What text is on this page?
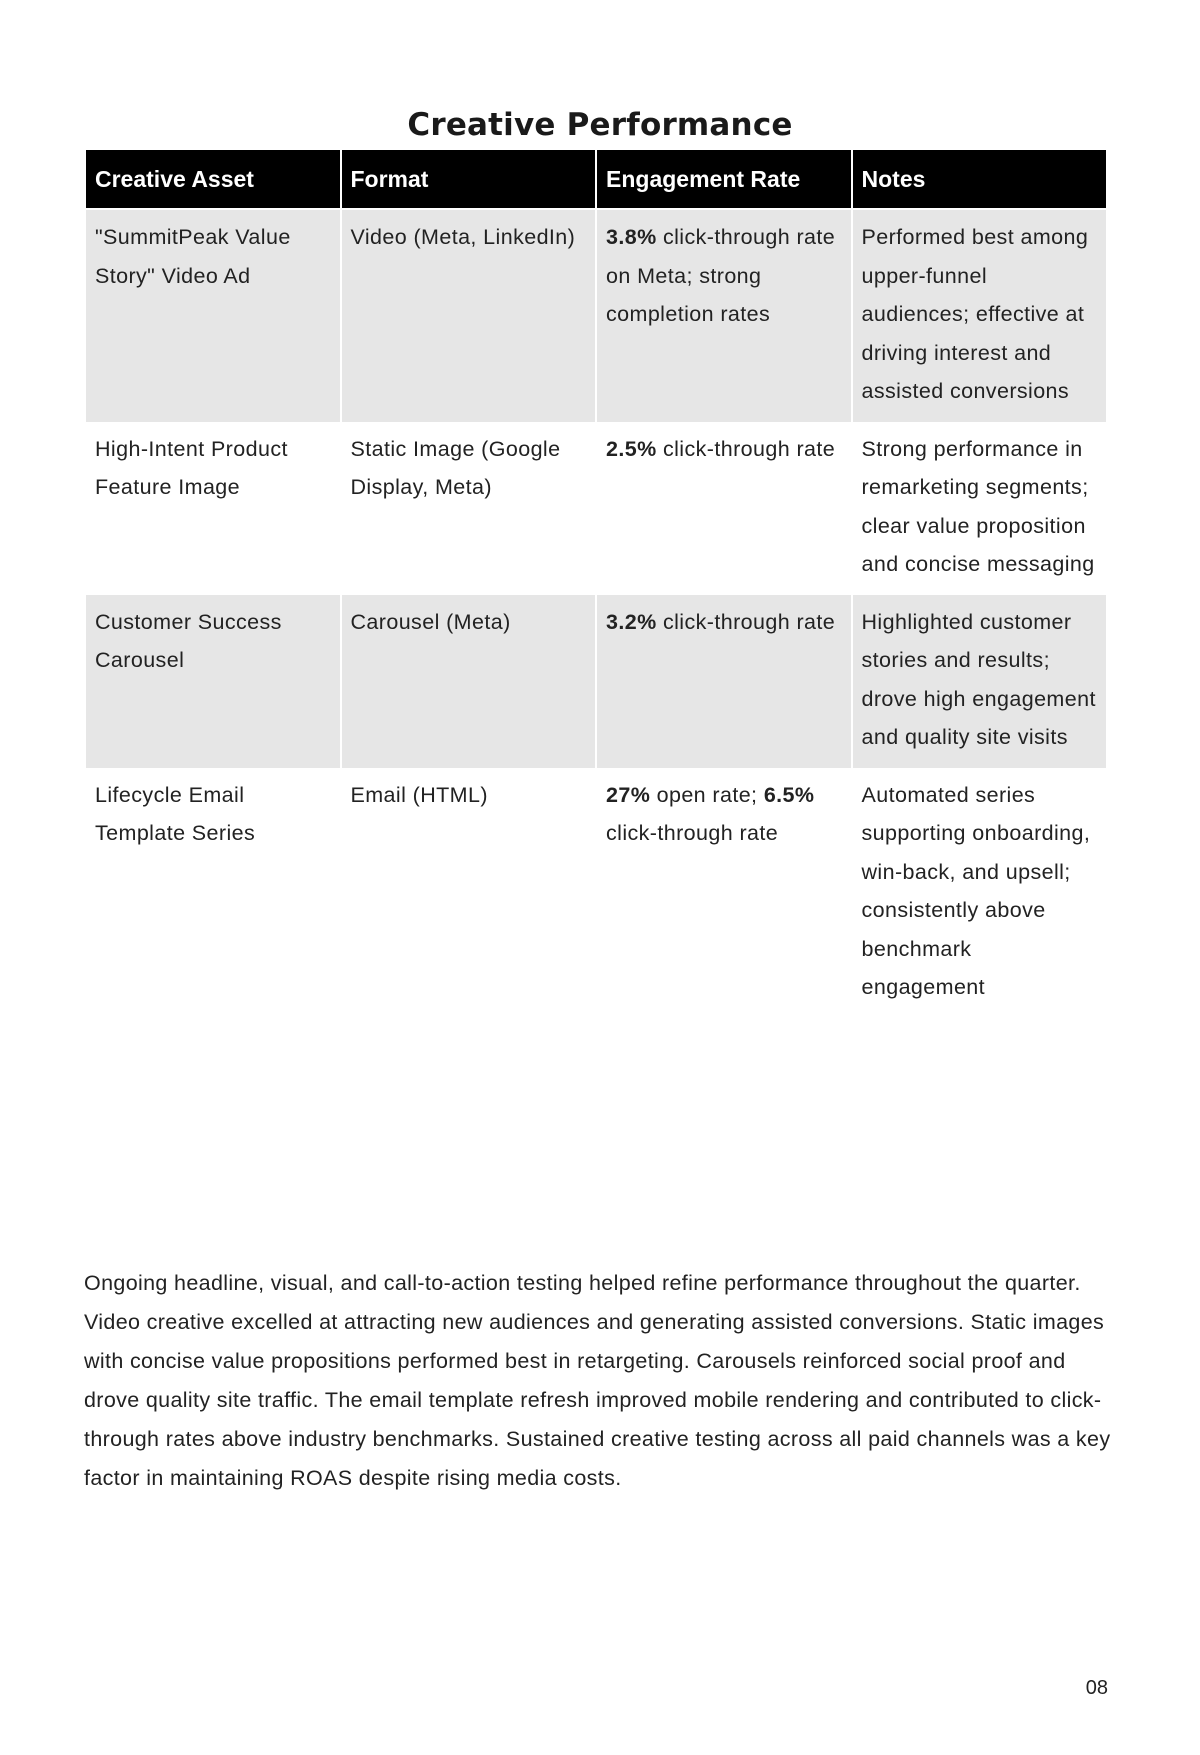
Creative Performance
Creative Asset	Format	Engagement Rate	Notes
"SummitPeak Value Story" Video Ad	Video (Meta, LinkedIn)	3.8% click-through rate on Meta; strong completion rates	Performed best among upper-funnel audiences; effective at driving interest and assisted conversions
High-Intent Product Feature Image	Static Image (Google Display, Meta)	2.5% click-through rate	Strong performance in remarketing segments; clear value proposition and concise messaging
Customer Success Carousel	Carousel (Meta)	3.2% click-through rate	Highlighted customer stories and results; drove high engagement and quality site visits
Lifecycle Email Template Series	Email (HTML)	27% open rate; 6.5% click-through rate	Automated series supporting onboarding, win-back, and upsell; consistently above benchmark engagement

Ongoing headline, visual, and call-to-action testing helped refine performance throughout the quarter. Video creative excelled at attracting new audiences and generating assisted conversions. Static images with concise value propositions performed best in retargeting. Carousels reinforced social proof and drove quality site traffic. The email template refresh improved mobile rendering and contributed to click-through rates above industry benchmarks. Sustained creative testing across all paid channels was a key factor in maintaining ROAS despite rising media costs.

08
